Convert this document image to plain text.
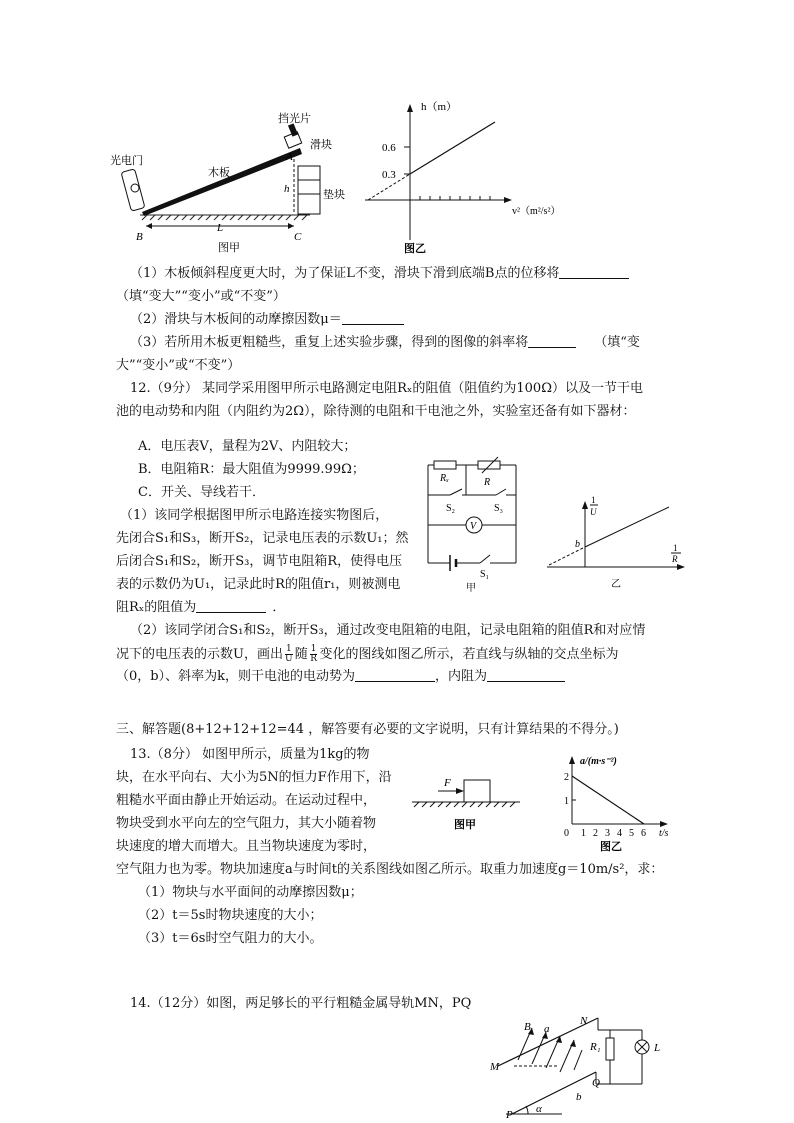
挡光片
滑块
光电门
木板
垫块
A
h
B	C
L
图甲
h（m）
0.6
0.3
v²（m²/s²）
图乙
（1）木板倾斜程度更大时，为了保证L不变，滑块下滑到底端B点的位移将
（填“变大”“变小”或“不变”）
（2）滑块与木板间的动摩擦因数μ＝
（3）若所用木板更粗糙些，重复上述实验步骤，得到的图像的斜率将	（填“变
大”“变小”或“不变”）
12.（9分） 某同学采用图甲所示电路测定电阻Rₓ的阻值（阻值约为100Ω）以及一节干电
池的电动势和内阻（内阻约为2Ω），除待测的电阻和干电池之外，实验室还备有如下器材：
A．电压表V，量程为2V、内阻较大；
B．电阻箱R：最大阻值为9999.99Ω；
C．开关、导线若干．
（1）该同学根据图甲所示电路连接实物图后，
先闭合S₁和S₃，断开S₂，记录电压表的示数U₁；然
后闭合S₁和S₂，断开S₃，调节电阻箱R，使得电压
表的示数仍为U₁，记录此时R的阻值r₁，则被测电
阻Rₓ的阻值为	．
（2）该同学闭合S₁和S₂，断开S₃，通过改变电阻箱的电阻，记录电阻箱的阻值R和对应情
况下的电压表的示数U，画出 $\frac{1}{U}$ 随 $\frac{1}{R}$ 变化的图线如图乙所示，若直线与纵轴的交点坐标为
（0，b）、斜率为k，则干电池的电动势为	，内阻为
V
Rₓ	R
S₂	S₃
S₁
甲
1
U
b	1
R
乙
三、解答题(8+12+12+12=44 ，解答要有必要的文字说明，只有计算结果的不得分。)
13.（8分） 如图甲所示，质量为1kg的物
块，在水平向右、大小为5N的恒力F作用下，沿
粗糙水平面由静止开始运动。在运动过程中，
物块受到水平向左的空气阻力，其大小随着物
块速度的增大而增大。且当物块速度为零时，
空气阻力也为零。物块加速度a与时间t的关系图线如图乙所示。取重力加速度g＝10m/s²，求：
（1）物块与水平面间的动摩擦因数μ；
（2）t＝5s时物块速度的大小；
（3）t＝6s时空气阻力的大小。
F
图甲
a/(m·s⁻²)
2
1
0 1 2 3 4 5 6 t/s
图乙
14.（12分）如图，两足够长的平行粗糙金属导轨MN，PQ
B a
N
M
R₁	L
Q
b
P α
